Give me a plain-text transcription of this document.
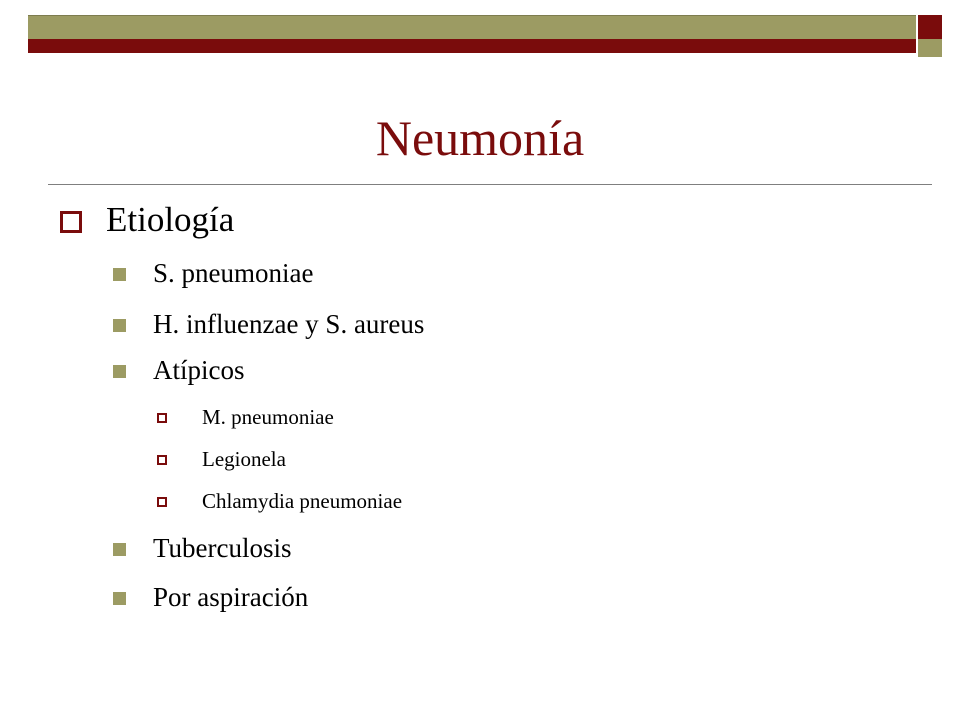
Neumonía
Etiología
S. pneumoniae
H. influenzae y S. aureus
Atípicos
M. pneumoniae
Legionela
Chlamydia pneumoniae
Tuberculosis
Por aspiración
